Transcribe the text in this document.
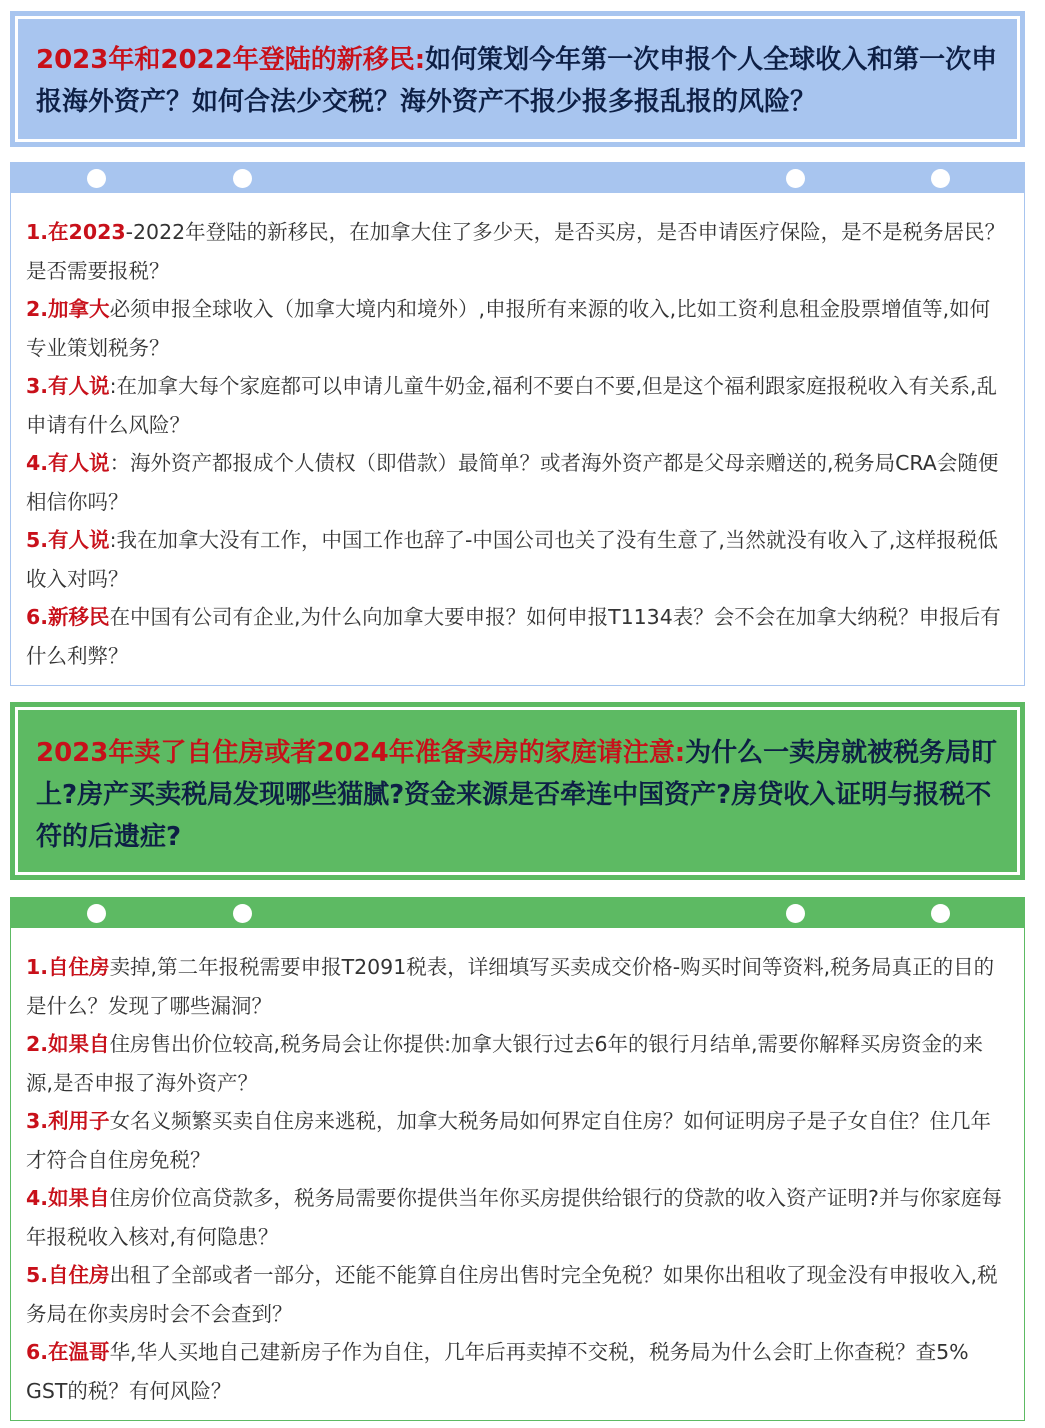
2023年和2022年登陆的新移民:如何策划今年第一次申报个人全球收入和第一次申报海外资产？如何合法少交税？海外资产不报少报多报乱报的风险？

1.在2023-2022年登陆的新移民，在加拿大住了多少天，是否买房，是否申请医疗保险，是不是税务居民？是否需要报税？

2.加拿大必须申报全球收入（加拿大境内和境外）,申报所有来源的收入,比如工资利息租金股票增值等,如何专业策划税务？

3.有人说:在加拿大每个家庭都可以申请儿童牛奶金,福利不要白不要,但是这个福利跟家庭报税收入有关系,乱申请有什么风险？

4.有人说：海外资产都报成个人债权（即借款）最简单？或者海外资产都是父母亲赠送的,税务局CRA会随便相信你吗？

5.有人说:我在加拿大没有工作，中国工作也辞了-中国公司也关了没有生意了,当然就没有收入了,这样报税低收入对吗？

6.新移民在中国有公司有企业,为什么向加拿大要申报？如何申报T1134表？会不会在加拿大纳税？申报后有什么利弊？

2023年卖了自住房或者2024年准备卖房的家庭请注意:为什么一卖房就被税务局盯上?房产买卖税局发现哪些猫腻?资金来源是否牵连中国资产?房贷收入证明与报税不符的后遗症?

1.自住房卖掉,第二年报税需要申报T2091税表，详细填写买卖成交价格-购买时间等资料,税务局真正的目的是什么？发现了哪些漏洞？

2.如果自住房售出价位较高,税务局会让你提供:加拿大银行过去6年的银行月结单,需要你解释买房资金的来源,是否申报了海外资产？

3.利用子女名义频繁买卖自住房来逃税，加拿大税务局如何界定自住房？如何证明房子是子女自住？住几年才符合自住房免税？

4.如果自住房价位高贷款多，税务局需要你提供当年你买房提供给银行的贷款的收入资产证明?并与你家庭每年报税收入核对,有何隐患？

5.自住房出租了全部或者一部分，还能不能算自住房出售时完全免税？如果你出租收了现金没有申报收入,税务局在你卖房时会不会查到？

6.在温哥华,华人买地自己建新房子作为自住，几年后再卖掉不交税，税务局为什么会盯上你查税？查5% GST的税？有何风险？
